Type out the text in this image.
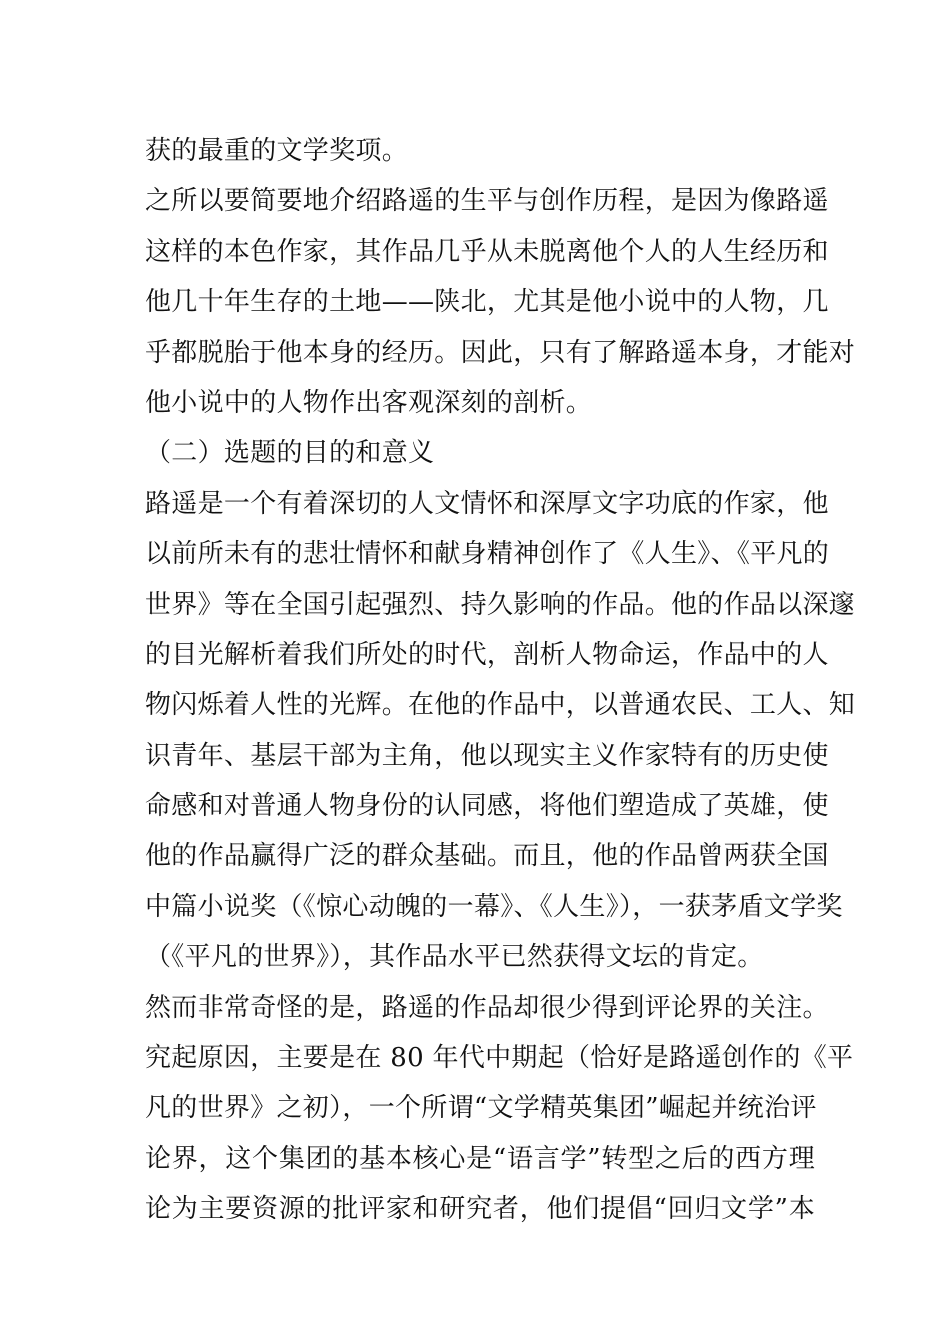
获的最重的文学奖项。
之所以要简要地介绍路遥的生平与创作历程，是因为像路遥
这样的本色作家，其作品几乎从未脱离他个人的人生经历和
他几十年生存的土地——陕北，尤其是他小说中的人物，几
乎都脱胎于他本身的经历。因此，只有了解路遥本身，才能对
他小说中的人物作出客观深刻的剖析。
（二）选题的目的和意义
路遥是一个有着深切的人文情怀和深厚文字功底的作家，他
以前所未有的悲壮情怀和献身精神创作了《人生》、《平凡的
世界》等在全国引起强烈、持久影响的作品。他的作品以深邃
的目光解析着我们所处的时代，剖析人物命运，作品中的人
物闪烁着人性的光辉。在他的作品中，以普通农民、工人、知
识青年、基层干部为主角，他以现实主义作家特有的历史使
命感和对普通人物身份的认同感，将他们塑造成了英雄，使
他的作品赢得广泛的群众基础。而且，他的作品曾两获全国
中篇小说奖（《惊心动魄的一幕》、《人生》），一获茅盾文学奖
（《平凡的世界》），其作品水平已然获得文坛的肯定。
然而非常奇怪的是，路遥的作品却很少得到评论界的关注。
究起原因，主要是在 80 年代中期起（恰好是路遥创作的《平
凡的世界》之初），一个所谓“文学精英集团”崛起并统治评
论界，这个集团的基本核心是“语言学”转型之后的西方理
论为主要资源的批评家和研究者，他们提倡“回归文学”本
